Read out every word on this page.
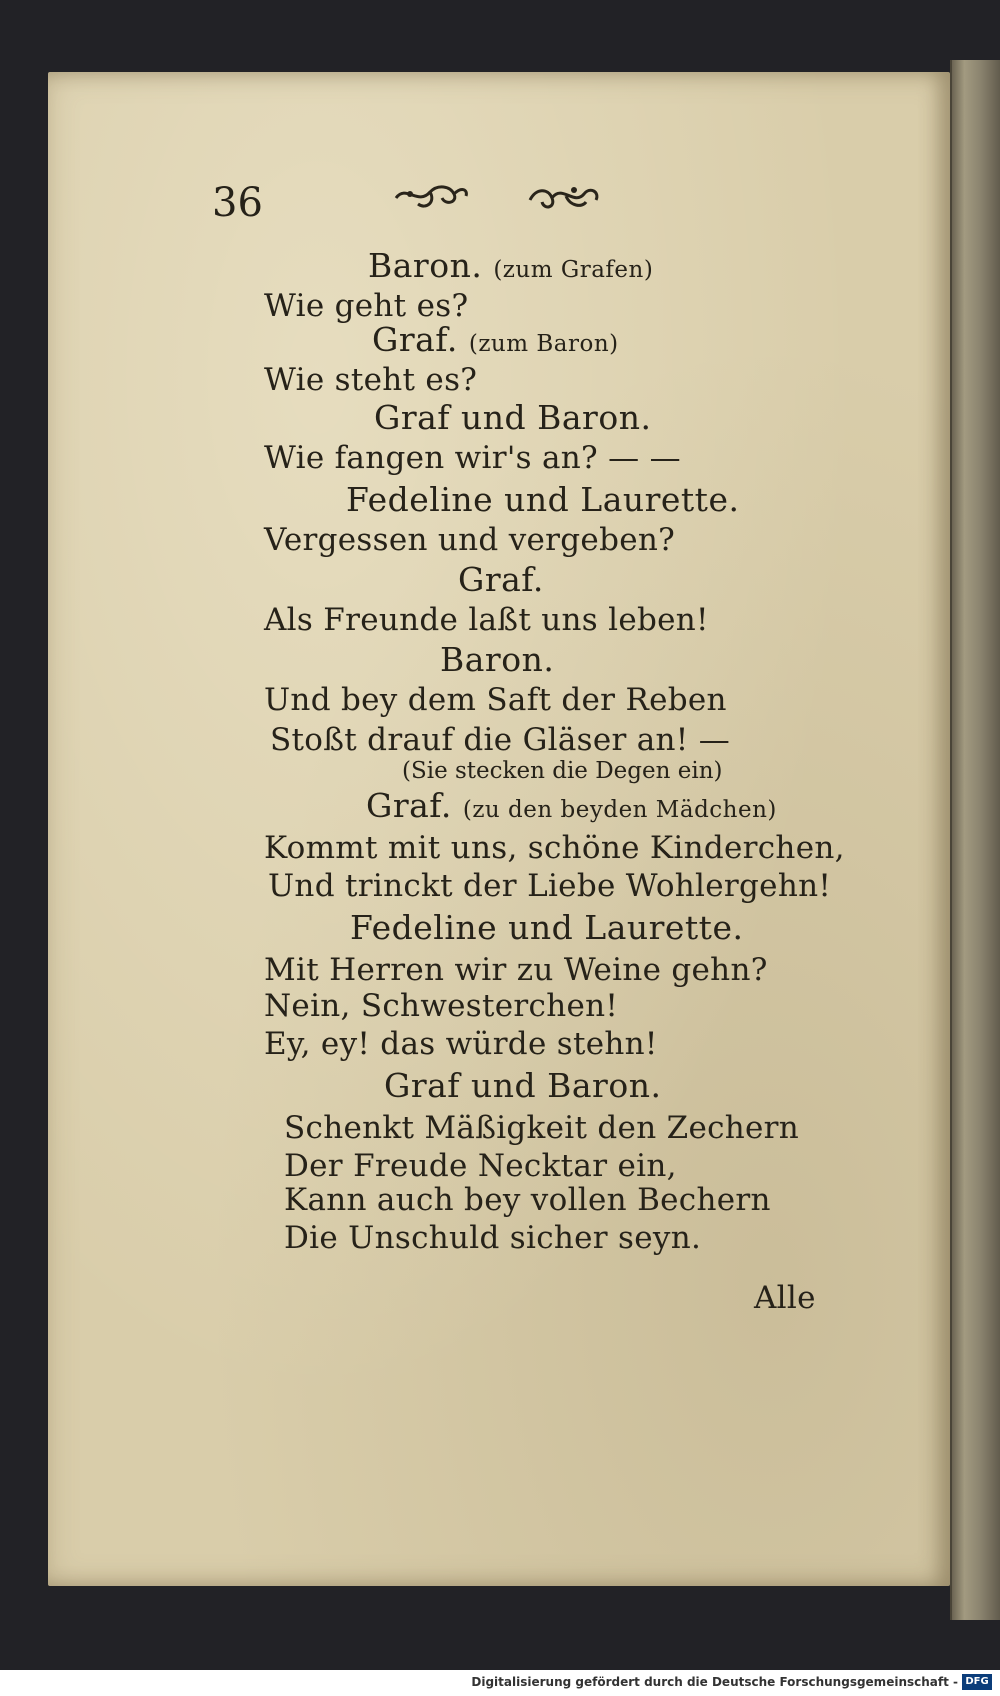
36
Baron. (zum Grafen)
Wie geht es?
Graf. (zum Baron)
Wie steht es?
Graf und Baron.
Wie fangen wir's an? — —
Fedeline und Laurette.
Vergessen und vergeben?
Graf.
Als Freunde laßt uns leben!
Baron.
Und bey dem Saft der Reben
Stoßt drauf die Gläser an! —
(Sie stecken die Degen ein)
Graf. (zu den beyden Mädchen)
Kommt mit uns, schöne Kinderchen,
Und trinckt der Liebe Wohlergehn!
Fedeline und Laurette.
Mit Herren wir zu Weine gehn?
Nein, Schwesterchen!
Ey, ey! das würde stehn!
Graf und Baron.
Schenkt Mäßigkeit den Zechern
Der Freude Necktar ein,
Kann auch bey vollen Bechern
Die Unschuld sicher seyn.
Alle
Digitalisierung gefördert durch die Deutsche Forschungsgemeinschaft - DFG
